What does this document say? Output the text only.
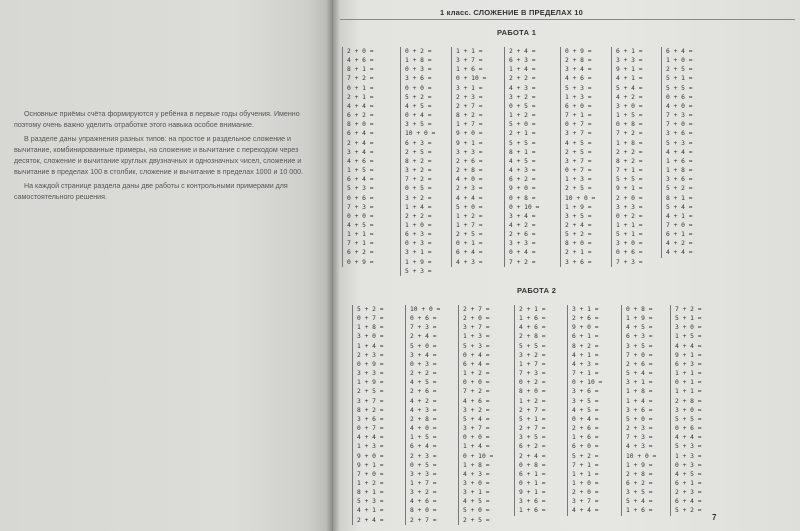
Основные приёмы счёта формируются у ребёнка в первые годы обучения. Именно поэтому очень важно уделить отработке этого навыка особое внимание.

В разделе даны упражнения разных типов: на простое и раздельное сложение и вычитание, комбинированные примеры, на сложение и вычитание с переходом через десяток, сложение и вычитание круглых двузначных и однозначных чисел, сложение и вычитание в пределах 100 в столбик, сложение и вычитание в пределах 1000 и 10 000.

На каждой странице раздела даны две работы с контрольными примерами для самостоятельного решения.

1 класс. СЛОЖЕНИЕ В ПРЕДЕЛАХ 10
РАБОТА 1
2 + 0 =
4 + 6 =
8 + 1 =
7 + 2 =
0 + 1 =
2 + 1 =
4 + 4 =
6 + 2 =
8 + 0 =
6 + 4 =
2 + 4 =
3 + 4 =
4 + 6 =
1 + 5 =
6 + 4 =
5 + 3 =
0 + 6 =
7 + 3 =
0 + 0 =
4 + 5 =
1 + 1 =
7 + 1 =
6 + 2 =
0 + 9 =
0 + 2 =
1 + 8 =
0 + 3 =
3 + 6 =
0 + 0 =
5 + 2 =
4 + 5 =
0 + 4 =
3 + 5 =
10 + 0 =
6 + 3 =
2 + 5 =
8 + 2 =
3 + 2 =
7 + 2 =
0 + 5 =
3 + 2 =
1 + 4 =
2 + 2 =
1 + 0 =
6 + 3 =
0 + 3 =
3 + 1 =
1 + 9 =
5 + 3 =
1 + 1 =
3 + 7 =
1 + 6 =
0 + 10 =
3 + 1 =
2 + 3 =
2 + 7 =
8 + 2 =
1 + 7 =
9 + 0 =
9 + 1 =
3 + 3 =
2 + 6 =
2 + 8 =
4 + 0 =
2 + 3 =
4 + 4 =
5 + 0 =
1 + 2 =
1 + 7 =
2 + 5 =
0 + 1 =
6 + 4 =
4 + 3 =
2 + 4 =
6 + 3 =
1 + 4 =
2 + 2 =
4 + 3 =
3 + 2 =
0 + 5 =
1 + 2 =
5 + 0 =
2 + 1 =
5 + 5 =
8 + 1 =
4 + 5 =
4 + 3 =
6 + 2 =
9 + 0 =
0 + 8 =
0 + 10 =
3 + 4 =
4 + 2 =
2 + 6 =
3 + 3 =
0 + 4 =
7 + 2 =
0 + 9 =
2 + 8 =
3 + 4 =
4 + 6 =
5 + 3 =
1 + 3 =
6 + 0 =
7 + 1 =
0 + 7 =
3 + 7 =
4 + 5 =
2 + 5 =
3 + 7 =
0 + 7 =
1 + 3 =
2 + 5 =
10 + 0 =
1 + 9 =
3 + 5 =
2 + 4 =
5 + 2 =
8 + 0 =
2 + 1 =
3 + 6 =
6 + 1 =
3 + 3 =
9 + 1 =
4 + 1 =
5 + 4 =
4 + 2 =
3 + 0 =
1 + 5 =
0 + 8 =
7 + 2 =
1 + 8 =
2 + 2 =
8 + 2 =
7 + 1 =
5 + 5 =
9 + 1 =
2 + 0 =
3 + 3 =
0 + 2 =
1 + 1 =
5 + 1 =
3 + 0 =
0 + 6 =
7 + 3 =
6 + 4 =
1 + 0 =
2 + 5 =
5 + 1 =
5 + 5 =
0 + 6 =
4 + 0 =
7 + 3 =
7 + 0 =
3 + 6 =
5 + 3 =
4 + 4 =
1 + 6 =
1 + 8 =
3 + 6 =
5 + 2 =
8 + 1 =
5 + 4 =
4 + 1 =
7 + 0 =
6 + 1 =
4 + 2 =
4 + 4 =
РАБОТА 2
5 + 2 =
0 + 7 =
1 + 8 =
3 + 0 =
1 + 4 =
2 + 3 =
0 + 9 =
3 + 3 =
1 + 9 =
2 + 5 =
3 + 7 =
8 + 2 =
3 + 6 =
0 + 7 =
4 + 4 =
1 + 3 =
9 + 0 =
9 + 1 =
7 + 0 =
1 + 2 =
8 + 1 =
5 + 3 =
4 + 1 =
2 + 4 =
10 + 0 =
0 + 6 =
7 + 3 =
2 + 4 =
5 + 0 =
3 + 4 =
0 + 3 =
2 + 2 =
4 + 5 =
2 + 6 =
4 + 2 =
4 + 3 =
2 + 8 =
4 + 0 =
1 + 5 =
6 + 4 =
2 + 3 =
0 + 5 =
3 + 3 =
1 + 7 =
3 + 2 =
4 + 6 =
8 + 0 =
2 + 7 =
2 + 7 =
2 + 0 =
3 + 7 =
1 + 3 =
5 + 3 =
0 + 4 =
6 + 4 =
1 + 2 =
0 + 0 =
7 + 2 =
4 + 6 =
3 + 2 =
5 + 4 =
3 + 7 =
0 + 0 =
1 + 4 =
0 + 10 =
1 + 8 =
4 + 3 =
3 + 0 =
3 + 1 =
4 + 5 =
5 + 0 =
2 + 5 =
2 + 1 =
1 + 6 =
4 + 6 =
2 + 8 =
5 + 5 =
3 + 2 =
1 + 7 =
7 + 3 =
0 + 2 =
8 + 0 =
1 + 2 =
2 + 7 =
5 + 1 =
2 + 7 =
3 + 5 =
6 + 2 =
2 + 4 =
0 + 8 =
6 + 1 =
0 + 1 =
9 + 1 =
3 + 6 =
1 + 6 =
3 + 1 =
2 + 6 =
9 + 0 =
6 + 1 =
8 + 2 =
4 + 1 =
4 + 3 =
7 + 1 =
0 + 10 =
3 + 6 =
3 + 5 =
4 + 5 =
0 + 4 =
2 + 6 =
1 + 6 =
6 + 0 =
5 + 2 =
7 + 1 =
1 + 1 =
1 + 0 =
2 + 0 =
3 + 7 =
4 + 4 =
0 + 8 =
1 + 9 =
4 + 5 =
6 + 3 =
3 + 5 =
7 + 0 =
2 + 6 =
5 + 4 =
3 + 1 =
1 + 8 =
1 + 4 =
3 + 6 =
5 + 0 =
2 + 3 =
7 + 3 =
4 + 3 =
10 + 0 =
1 + 9 =
2 + 8 =
6 + 2 =
3 + 5 =
5 + 4 =
1 + 6 =
7 + 2 =
5 + 1 =
3 + 0 =
1 + 5 =
4 + 4 =
9 + 1 =
6 + 3 =
1 + 1 =
0 + 1 =
1 + 1 =
2 + 8 =
3 + 0 =
5 + 5 =
0 + 6 =
4 + 4 =
5 + 3 =
1 + 3 =
0 + 3 =
4 + 5 =
6 + 1 =
2 + 3 =
6 + 4 =
5 + 2 =
7
